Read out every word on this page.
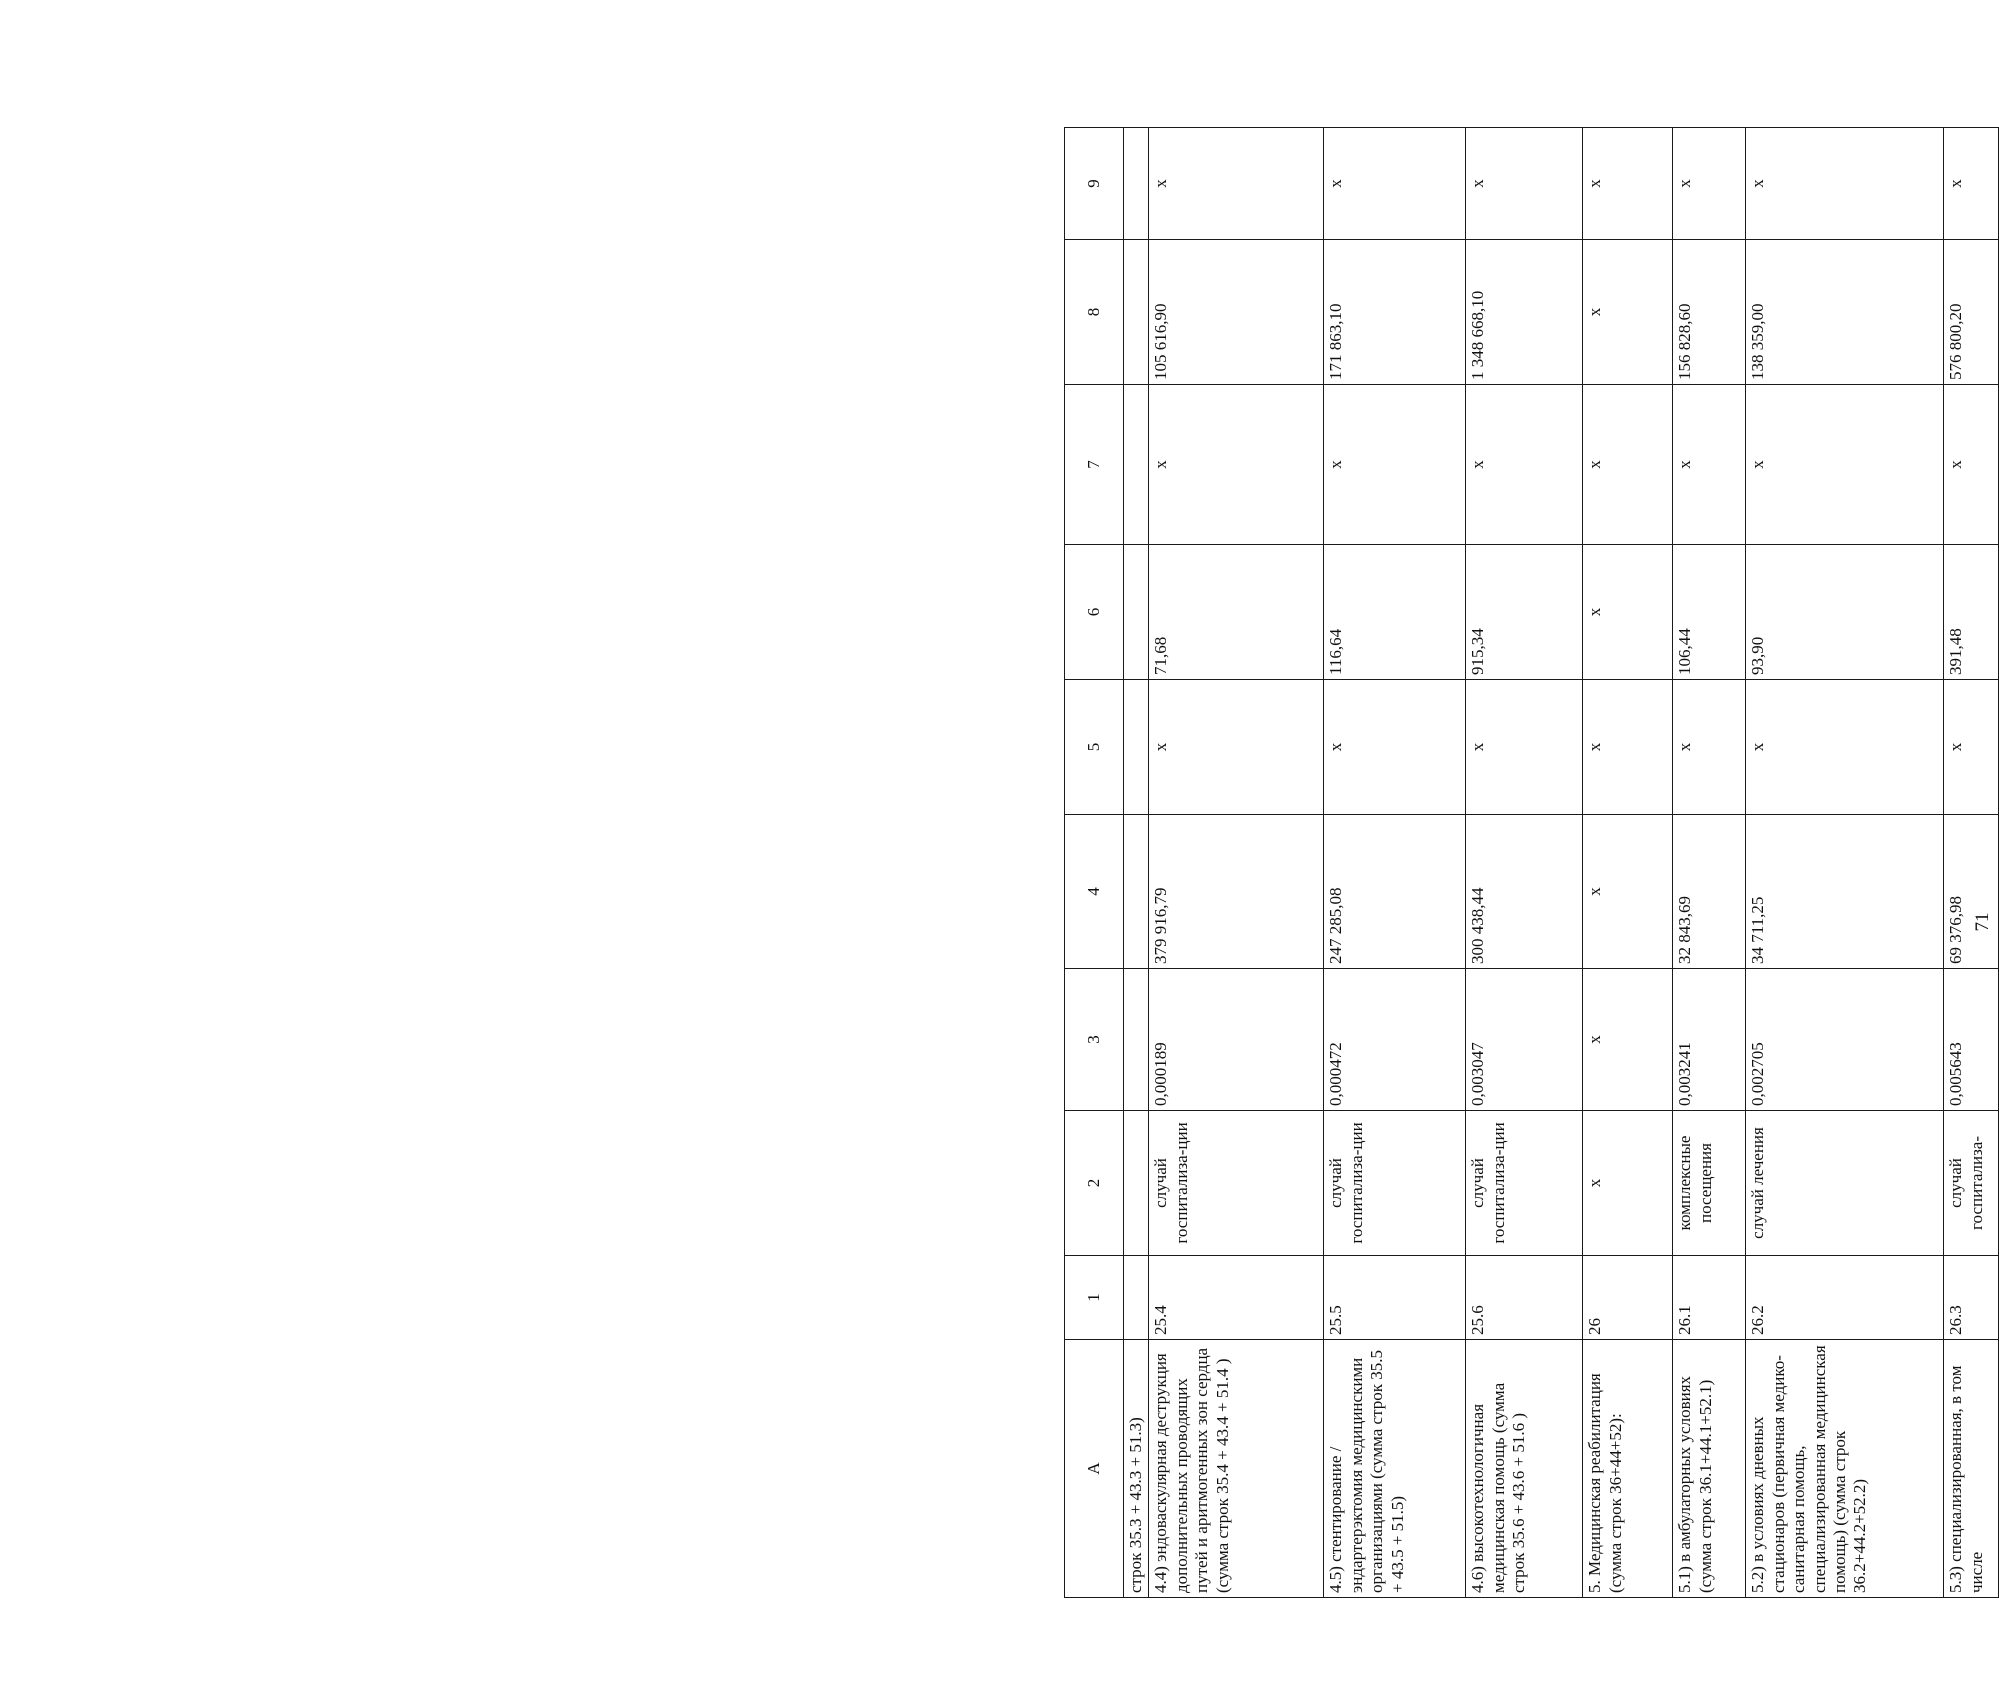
А	1	2	3	4	5	6	7	8	9
строк 35.3 + 43.3 + 51.3)									
4.4) эндоваскулярная деструкция дополнительных проводящих путей и аритмогенных зон сердца (сумма строк 35.4 + 43.4 + 51.4 )	25.4	случай госпитализа-ции	0,000189	379 916,79	х	71,68	х	105 616,90	х
4.5) стентирование / эндартерэктомия медицинскими организациями (сумма строк 35.5 + 43.5 + 51.5)	25.5	случай госпитализа-ции	0,000472	247 285,08	х	116,64	х	171 863,10	х
4.6) высокотехнологичная медицинская помощь (сумма строк 35.6 + 43.6 + 51.6 )	25.6	случай госпитализа-ции	0,003047	300 438,44	х	915,34	х	1 348 668,10	х
5. Медицинская реабилитация (сумма строк 36+44+52):	26	х	х	х	х	х	х	х	х
5.1) в амбулаторных условиях (сумма строк 36.1+44.1+52.1)	26.1	комплексные посещения	0,003241	32 843,69	х	106,44	х	156 828,60	х
5.2) в условиях дневных стационаров (первичная медико-санитарная помощь, специализированная медицинская помощь) (сумма строк 36.2+44.2+52.2)	26.2	случай лечения	0,002705	34 711,25	х	93,90	х	138 359,00	х
5.3) специализированная, в том числе	26.3	случай госпитализа-	0,005643	69 376,98	х	391,48	х	576 800,20	х
71
